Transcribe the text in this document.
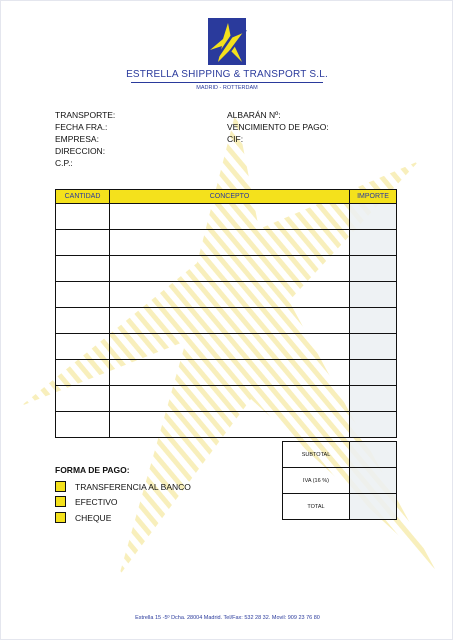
ESTRELLA SHIPPING & TRANSPORT S.L.
MADRID - ROTTERDAM
TRANSPORTE:
FECHA FRA.:
EMPRESA:
DIRECCION:
C.P.:
ALBARÁN Nº:
VENCIMIENTO DE PAGO:
CIF:
CANTIDAD	CONCEPTO	IMPORTE

SUBTOTAL	
IVA (16 %)	
TOTAL	
FORMA DE PAGO:
TRANSFERENCIA AL BANCO
EFECTIVO
CHEQUE
Estrella 15 -5º Dcha. 28004 Madrid. Tel/Fax: 532 28 32. Movil: 909 23 76 80
